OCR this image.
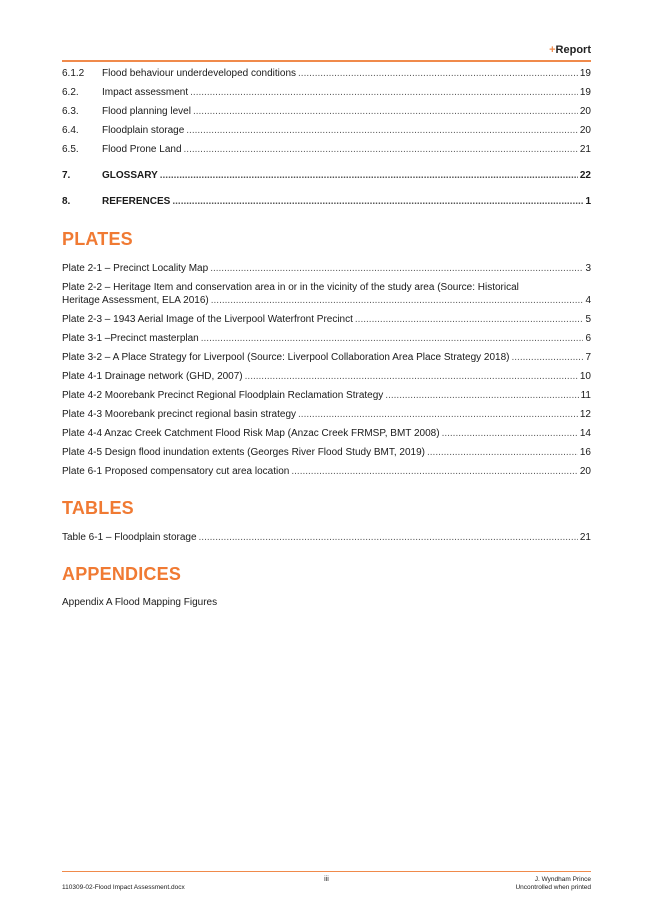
+Report
6.1.2	Flood behaviour underdeveloped conditions .....	19
6.2.	Impact assessment .....	19
6.3.	Flood planning level .....	20
6.4.	Floodplain storage .....	20
6.5.	Flood Prone Land .....	21
7.	GLOSSARY .....	22
8.	REFERENCES .....	1
PLATES
Plate 2-1 – Precinct Locality Map .....	3
Plate 2-2 – Heritage Item and conservation area in or in the vicinity of the study area (Source: Historical
Heritage Assessment, ELA 2016) .....	4
Plate 2-3 – 1943 Aerial Image of the Liverpool Waterfront Precinct .....	5
Plate 3-1 –Precinct masterplan .....	6
Plate 3-2 – A Place Strategy for Liverpool (Source: Liverpool Collaboration Area Place Strategy 2018) .....	7
Plate 4-1 Drainage network (GHD, 2007) .....	10
Plate 4-2 Moorebank Precinct Regional Floodplain Reclamation Strategy .....	11
Plate 4-3 Moorebank precinct regional basin strategy .....	12
Plate 4-4 Anzac Creek Catchment Flood Risk Map (Anzac Creek FRMSP, BMT 2008) .....	14
Plate 4-5 Design flood inundation extents (Georges River Flood Study BMT, 2019) .....	16
Plate 6-1 Proposed compensatory cut area location .....	20
TABLES
Table 6-1 – Floodplain storage .....	21
APPENDICES
Appendix A Flood Mapping Figures
iii
110309-02-Flood Impact Assessment.docx
J. Wyndham Prince
Uncontrolled when printed
